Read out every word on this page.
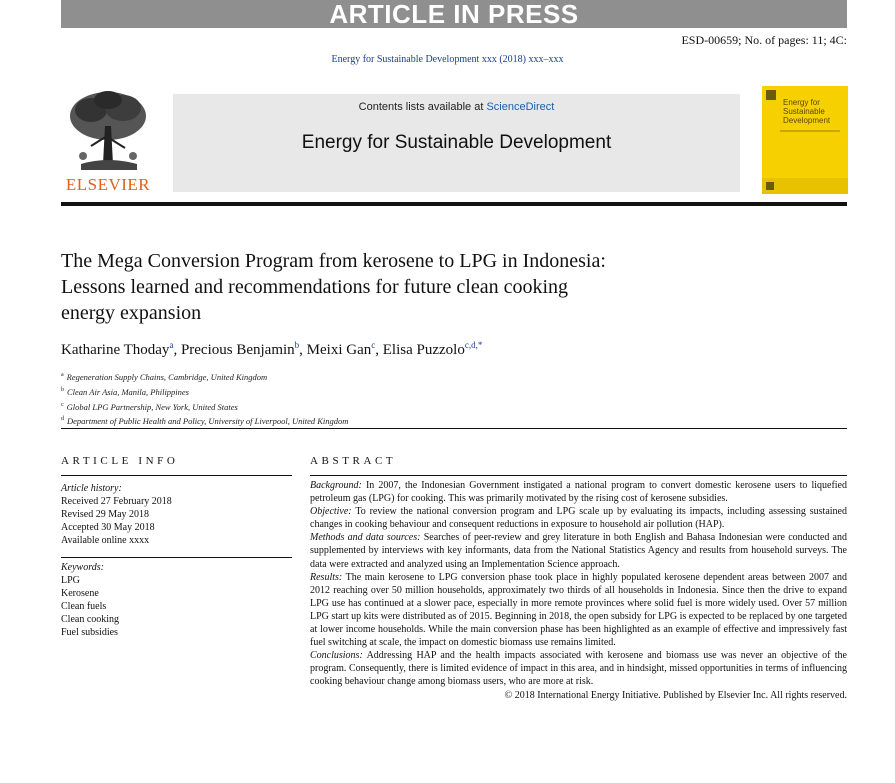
ARTICLE IN PRESS
ESD-00659; No. of pages: 11; 4C:
Energy for Sustainable Development xxx (2018) xxx–xxx
ELSEVIER
Contents lists available at ScienceDirect
Energy for Sustainable Development
Energy for
Sustainable
Development
The Mega Conversion Program from kerosene to LPG in Indonesia:
Lessons learned and recommendations for future clean cooking
energy expansion
Katharine Thoday$^a$, Precious Benjamin$^b$, Meixi Gan$^c$, Elisa Puzzolo$^{c,d,*}$
$^a$ Regeneration Supply Chains, Cambridge, United Kingdom
$^b$ Clean Air Asia, Manila, Philippines
$^c$ Global LPG Partnership, New York, United States
$^d$ Department of Public Health and Policy, University of Liverpool, United Kingdom
ARTICLE INFO	ABSTRACT
Article history:
Received 27 February 2018
Revised 29 May 2018
Accepted 30 May 2018
Available online xxxx
Keywords:
LPG
Kerosene
Clean fuels
Clean cooking
Fuel subsidies
Background: In 2007, the Indonesian Government instigated a national program to convert domestic kerosene users to liquefied petroleum gas (LPG) for cooking. This was primarily motivated by the rising cost of kerosene subsidies.
Objective: To review the national conversion program and LPG scale up by evaluating its impacts, including assessing sustained changes in cooking behaviour and consequent reductions in exposure to household air pollution (HAP).
Methods and data sources: Searches of peer-review and grey literature in both English and Bahasa Indonesian were conducted and supplemented by interviews with key informants, data from the National Statistics Agency and results from household surveys. The data were extracted and analyzed using an Implementation Science approach.
Results: The main kerosene to LPG conversion phase took place in highly populated kerosene dependent areas between 2007 and 2012 reaching over 50 million households, approximately two thirds of all households in Indonesia. Since then the drive to expand LPG use has continued at a slower pace, especially in more remote provinces where solid fuel is more widely used. Over 57 million LPG start up kits were distributed as of 2015. Beginning in 2018, the open subsidy for LPG is expected to be replaced by one targeted at lower income households. While the main conversion phase has been highlighted as an example of effective and impressively fast fuel switching at scale, the impact on domestic biomass use remains limited.
Conclusions: Addressing HAP and the health impacts associated with kerosene and biomass use was never an objective of the program. Consequently, there is limited evidence of impact in this area, and in hindsight, missed opportunities in terms of influencing cooking behaviour change among biomass users, who are more at risk.
© 2018 International Energy Initiative. Published by Elsevier Inc. All rights reserved.
